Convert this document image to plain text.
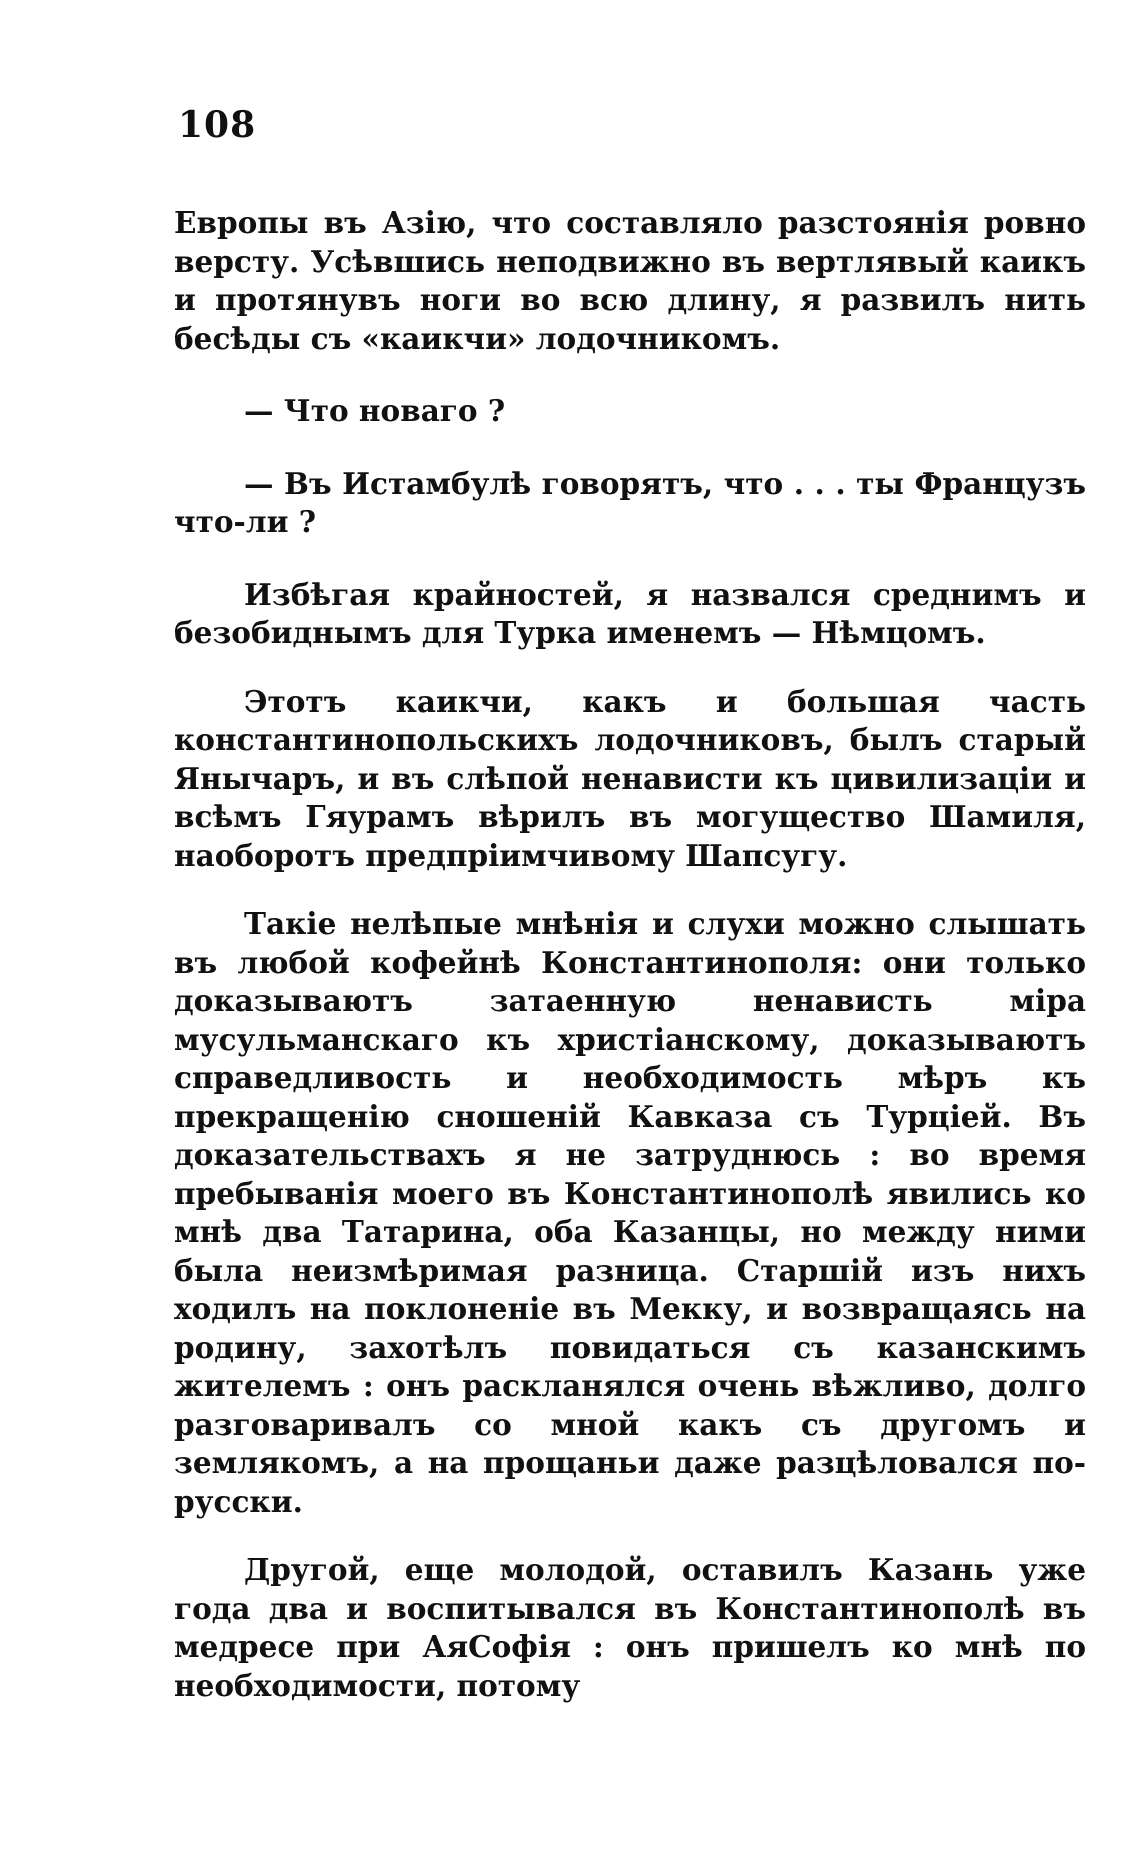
108

Европы въ Азію, что составляло разстоянія ровно версту. Усѣвшись неподвижно въ вертлявый каикъ и протянувъ ноги во всю длину, я развилъ нить бесѣды съ «каикчи» лодочникомъ.

— Что новаго ?

— Въ Истамбулѣ говорятъ, что . . . ты Французъ что-ли ?

Избѣгая крайностей, я назвался среднимъ и безобиднымъ для Турка именемъ — Нѣмцомъ.

Этотъ каикчи, какъ и большая часть константинопольскихъ лодочниковъ, былъ старый Янычаръ, и въ слѣпой ненависти къ цивилизаціи и всѣмъ Гяурамъ вѣрилъ въ могущество Шамиля, наоборотъ предпріимчивому Шапсугу.

Такіе нелѣпые мнѣнія и слухи можно слышать въ любой кофейнѣ Константинополя: они только доказываютъ затаенную ненависть міра мусульманскаго къ христіанскому, доказываютъ справедливость и необходимость мѣръ къ прекращенію сношеній Кавказа съ Турціей. Въ доказательствахъ я не затруднюсь : во время пребыванія моего въ Константинополѣ явились ко мнѣ два Татарина, оба Казанцы, но между ними была неизмѣримая разница. Старшій изъ нихъ ходилъ на поклоненіе въ Мекку, и возвращаясь на родину, захотѣлъ повидаться съ казанскимъ жителемъ : онъ раскланялся очень вѣжливо, долго разговаривалъ со мной какъ съ другомъ и землякомъ, а на прощаньи даже разцѣловался по-русски.

Другой, еще молодой, оставилъ Казань уже года два и воспитывался въ Константинополѣ въ медресе при АяСофія : онъ пришелъ ко мнѣ по необходимости, потому
